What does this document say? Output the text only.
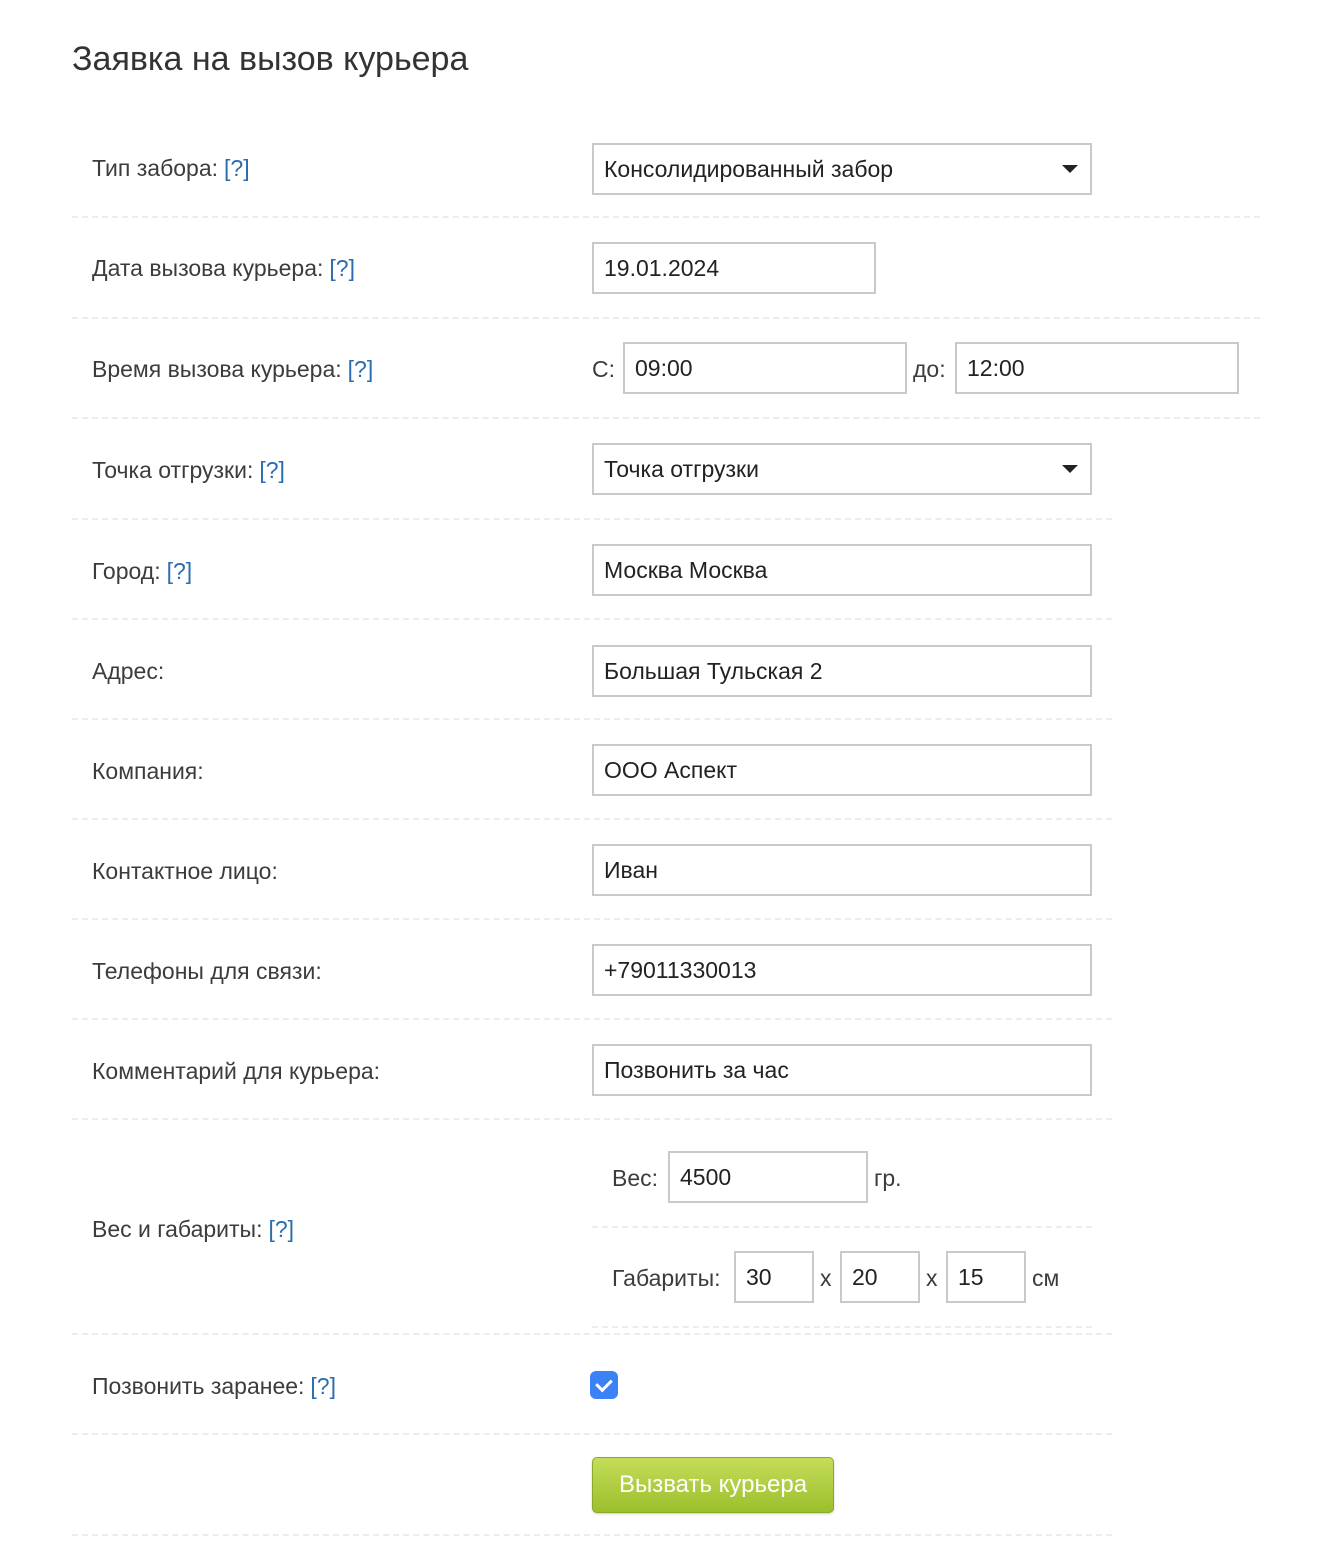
Заявка на вызов курьера
Тип забора: [?]	Консолидированный забор
Дата вызова курьера: [?]	19.01.2024
Время вызова курьера: [?]	С: 09:00	до: 12:00
Точка отгрузки: [?]	Точка отгрузки
Город: [?]	Москва Москва
Адрес:	Большая Тульская 2
Компания:	ООО Аспект
Контактное лицо:	Иван
Телефоны для связи:	+79011330013
Комментарий для курьера:	Позвонить за час
Вес и габариты: [?]
Вес: 4500	гр.
Габариты:	30	x 20	x 15	см
Позвонить заранее: [?]
Вызвать курьера
